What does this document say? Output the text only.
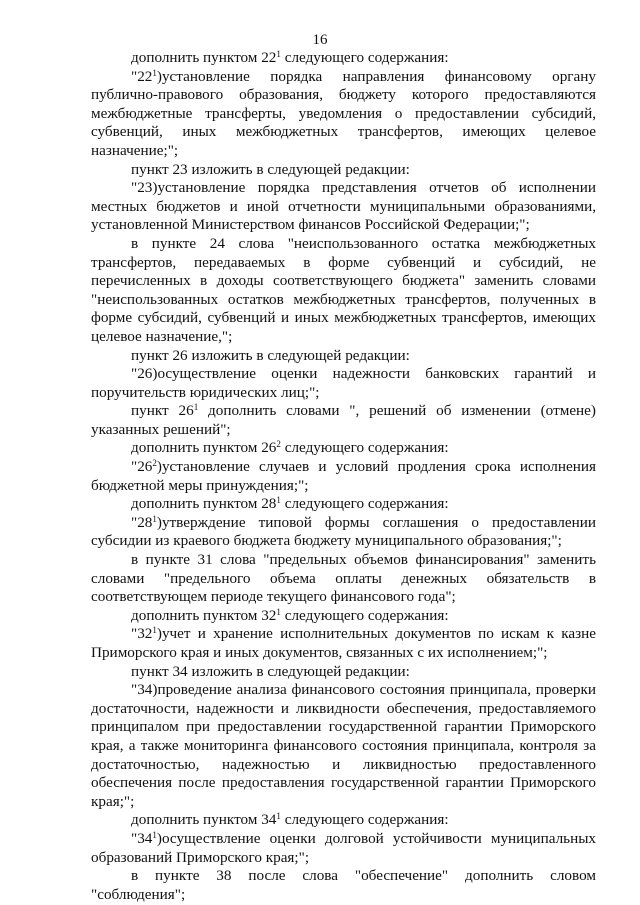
16

дополнить пунктом $22^1$ следующего содержания:

"$22^1)установление$ порядка направления финансовому органу публично-правового образования, бюджету которого предоставляются межбюджетные трансферты, уведомления о предоставлении субсидий, субвенций, иных межбюджетных трансфертов, имеющих целевое назначение;";

пункт 23 изложить в следующей редакции:

"23)установление порядка представления отчетов об исполнении местных бюджетов и иной отчетности муниципальными образованиями, установленной Министерством финансов Российской Федерации;";

в пункте 24 слова "неиспользованного остатка межбюджетных трансфертов, передаваемых в форме субвенций и субсидий, не перечисленных в доходы соответствующего бюджета" заменить словами "неиспользованных остатков межбюджетных трансфертов, полученных в форме субсидий, субвенций и иных межбюджетных трансфертов, имеющих целевое назначение,";

пункт 26 изложить в следующей редакции:

"26)осуществление оценки надежности банковских гарантий и поручительств юридических лиц;";

пункт $26^1$ дополнить словами ", решений об изменении (отмене) указанных решений";

дополнить пунктом $26^2$ следующего содержания:

"$26^2)установление$ случаев и условий продления срока исполнения бюджетной меры принуждения;";

дополнить пунктом $28^1$ следующего содержания:

"$28^1)утверждение$ типовой формы соглашения о предоставлении субсидии из краевого бюджета бюджету муниципального образования;";

в пункте 31 слова "предельных объемов финансирования" заменить словами "предельного объема оплаты денежных обязательств в соответствующем периоде текущего финансового года";

дополнить пунктом $32^1$ следующего содержания:

"$32^1)учет$ и хранение исполнительных документов по искам к казне Приморского края и иных документов, связанных с их исполнением;";

пункт 34 изложить в следующей редакции:

"34)проведение анализа финансового состояния принципала, проверки достаточности, надежности и ликвидности обеспечения, предоставляемого принципалом при предоставлении государственной гарантии Приморского края, а также мониторинга финансового состояния принципала, контроля за достаточностью, надежностью и ликвидностью предоставленного обеспечения после предоставления государственной гарантии Приморского края;";

дополнить пунктом $34^1$ следующего содержания:

"$34^1)осуществление$ оценки долговой устойчивости муниципальных образований Приморского края;";

в пункте 38 после слова "обеспечение" дополнить словом "соблюдения";
